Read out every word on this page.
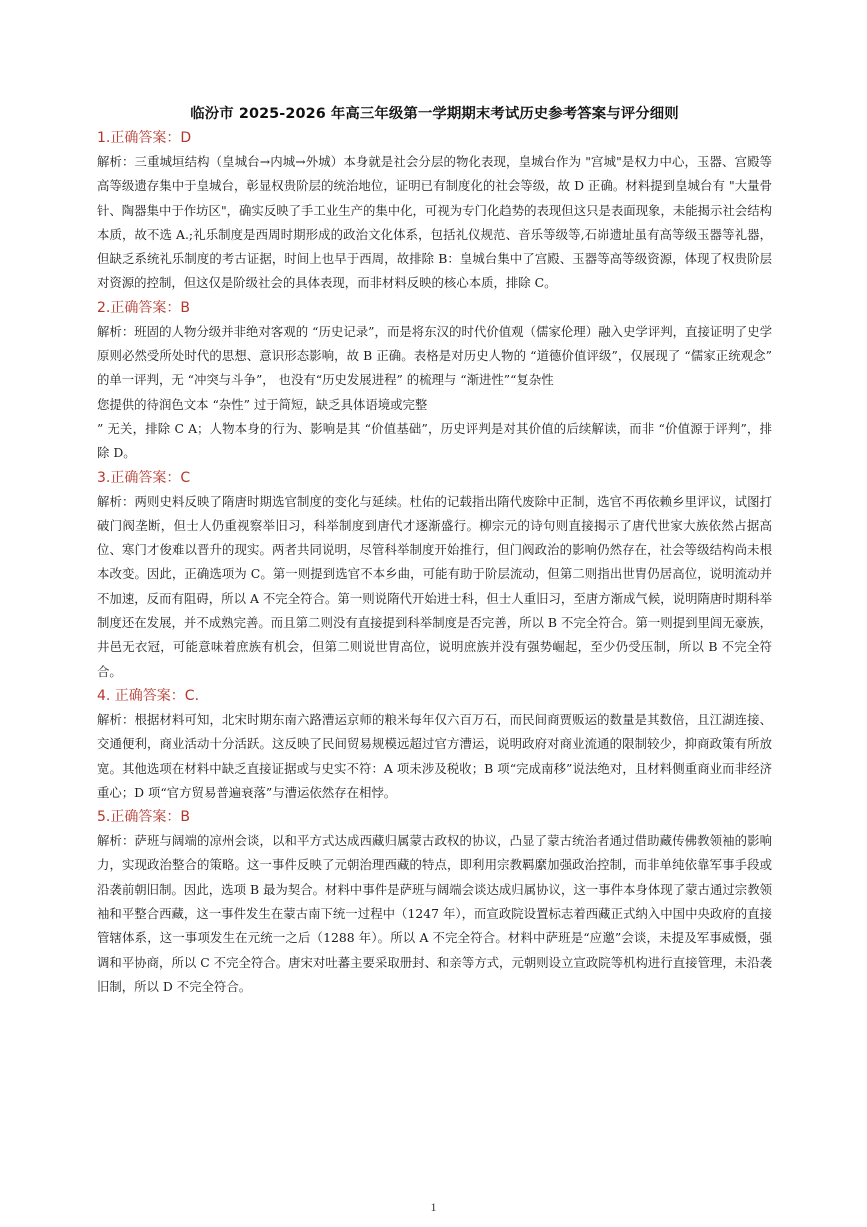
临汾市 2025-2026 年高三年级第一学期期末考试历史参考答案与评分细则
1.正确答案：D

解析：三重城垣结构（皇城台→内城→外城）本身就是社会分层的物化表现，皇城台作为 "宫城"是权力中心，玉器、宫殿等高等级遗存集中于皇城台，彰显权贵阶层的统治地位，证明已有制度化的社会等级，故 D 正确。材料提到皇城台有 "大量骨针、陶器集中于作坊区"，确实反映了手工业生产的集中化，可视为专门化趋势的表现但这只是表面现象，未能揭示社会结构本质，故不选 A.;礼乐制度是西周时期形成的政治文化体系，包括礼仪规范、音乐等级等,石峁遗址虽有高等级玉器等礼器，但缺乏系统礼乐制度的考古证据，时间上也早于西周，故排除 B：皇城台集中了宫殿、玉器等高等级资源，体现了权贵阶层对资源的控制，但这仅是阶级社会的具体表现，而非材料反映的核心本质，排除 C。

2.正确答案：B

解析：班固的人物分级并非绝对客观的 “历史记录”，而是将东汉的时代价值观（儒家伦理）融入史学评判，直接证明了史学原则必然受所处时代的思想、意识形态影响，故 B 正确。表格是对历史人物的 “道德价值评级”，仅展现了 “儒家正统观念” 的单一评判，无 “冲突与斗争”， 也没有“历史发展进程” 的梳理与 “渐进性”“复杂性

您提供的待润色文本 “杂性” 过于简短，缺乏具体语境或完整

” 无关，排除 C A；人物本身的行为、影响是其 “价值基础”，历史评判是对其价值的后续解读，而非 “价值源于评判”，排除 D。

3.正确答案：C

解析：两则史料反映了隋唐时期选官制度的变化与延续。杜佑的记载指出隋代废除中正制，选官不再依赖乡里评议，试图打破门阀垄断，但士人仍重视察举旧习，科举制度到唐代才逐渐盛行。柳宗元的诗句则直接揭示了唐代世家大族依然占据高位、寒门才俊难以晋升的现实。两者共同说明，尽管科举制度开始推行，但门阀政治的影响仍然存在，社会等级结构尚未根本改变。因此，正确选项为 C。第一则提到选官不本乡曲，可能有助于阶层流动，但第二则指出世胄仍居高位，说明流动并不加速，反而有阻碍，所以 A 不完全符合。第一则说隋代开始进士科，但士人重旧习，至唐方渐成气候，说明隋唐时期科举制度还在发展，并不成熟完善。而且第二则没有直接提到科举制度是否完善，所以 B 不完全符合。第一则提到里闾无豪族，井邑无衣冠，可能意味着庶族有机会，但第二则说世胄高位，说明庶族并没有强势崛起，至少仍受压制，所以 B 不完全符合。

4. 正确答案：C.

解析：根据材料可知，北宋时期东南六路漕运京师的粮米每年仅六百万石，而民间商贾贩运的数量是其数倍，且江湖连接、交通便利，商业活动十分活跃。这反映了民间贸易规模远超过官方漕运，说明政府对商业流通的限制较少，抑商政策有所放宽。其他选项在材料中缺乏直接证据或与史实不符：A 项未涉及税收；B 项“完成南移”说法绝对，且材料侧重商业而非经济重心；D 项“官方贸易普遍衰落”与漕运依然存在相悖。

5.正确答案：B

解析：萨班与阔端的凉州会谈，以和平方式达成西藏归属蒙古政权的协议，凸显了蒙古统治者通过借助藏传佛教领袖的影响力，实现政治整合的策略。这一事件反映了元朝治理西藏的特点，即利用宗教羁縻加强政治控制，而非单纯依靠军事手段或沿袭前朝旧制。因此，选项 B 最为契合。材料中事件是萨班与阔端会谈达成归属协议，这一事件本身体现了蒙古通过宗教领袖和平整合西藏，这一事件发生在蒙古南下统一过程中（1247 年），而宣政院设置标志着西藏正式纳入中国中央政府的直接管辖体系，这一事项发生在元统一之后（1288 年）。所以 A 不完全符合。材料中萨班是“应邀”会谈，未提及军事威慑，强调和平协商，所以 C 不完全符合。唐宋对吐蕃主要采取册封、和亲等方式，元朝则设立宣政院等机构进行直接管理，未沿袭旧制，所以 D 不完全符合。

1
